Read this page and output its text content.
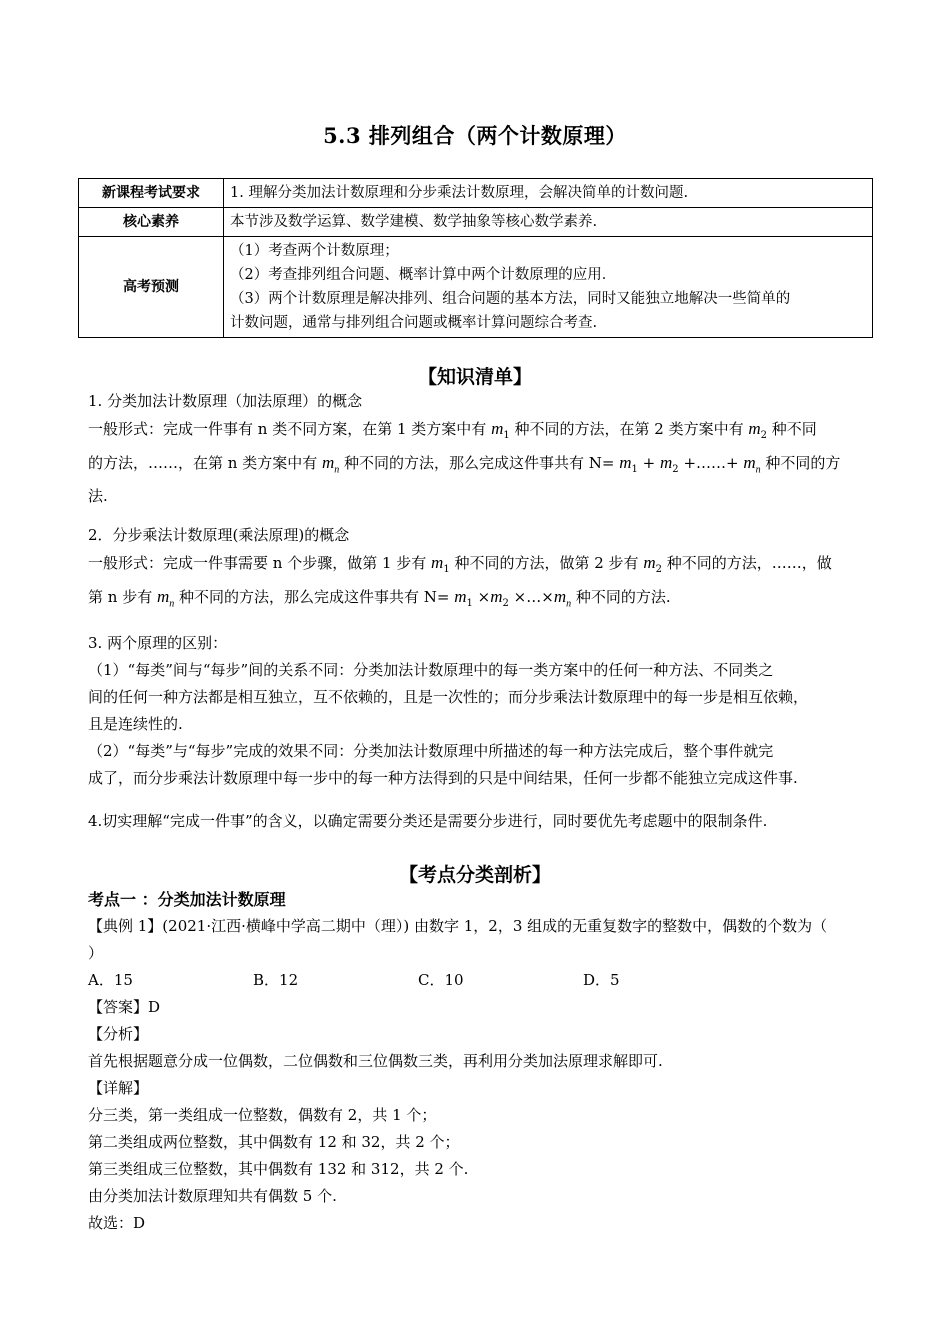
5.3 排列组合（两个计数原理）
新课程考试要求	1. 理解分类加法计数原理和分步乘法计数原理，会解决简单的计数问题.
核心素养	本节涉及数学运算、数学建模、数学抽象等核心数学素养.
高考预测	（1）考查两个计数原理；
（2）考查排列组合问题、概率计算中两个计数原理的应用．
（3）两个计数原理是解决排列、组合问题的基本方法，同时又能独立地解决一些简单的
计数问题，通常与排列组合问题或概率计算问题综合考查.
【知识清单】

1. 分类加法计数原理（加法原理）的概念

一般形式：完成一件事有 n 类不同方案，在第 1 类方案中有 $m_1$ 种不同的方法，在第 2 类方案中有 $m_2$ 种不同

的方法，……，在第 n 类方案中有 $m_n$ 种不同的方法，那么完成这件事共有 $N= m_1 + m_2$ +……+ $m_n$ 种不同的方

法.

2．分步乘法计数原理(乘法原理)的概念

一般形式：完成一件事需要 n 个步骤，做第 1 步有 $m_1$ 种不同的方法，做第 2 步有 $m_2$ 种不同的方法，……，做

第 n 步有 $m_n$ 种不同的方法，那么完成这件事共有 $N= m_1 \times m_2$ $\times\dots\times m_n$ 种不同的方法.

3. 两个原理的区别：

（1）“每类”间与“每步”间的关系不同：分类加法计数原理中的每一类方案中的任何一种方法、不同类之

间的任何一种方法都是相互独立，互不依赖的，且是一次性的；而分步乘法计数原理中的每一步是相互依赖，

且是连续性的.

（2）“每类”与“每步”完成的效果不同：分类加法计数原理中所描述的每一种方法完成后，整个事件就完

成了，而分步乘法计数原理中每一步中的每一种方法得到的只是中间结果，任何一步都不能独立完成这件事.

4.切实理解“完成一件事”的含义，以确定需要分类还是需要分步进行，同时要优先考虑题中的限制条件.

【考点分类剖析】

考点一 ：分类加法计数原理

【典例 1】(2021·江西·横峰中学高二期中（理）) 由数字 1，2，3 组成的无重复数字的整数中，偶数的个数为（

）

A．15	B．12	C．10	D．5

【答案】D

【分析】

首先根据题意分成一位偶数，二位偶数和三位偶数三类，再利用分类加法原理求解即可.

【详解】

分三类，第一类组成一位整数，偶数有 2，共 1 个；

第二类组成两位整数，其中偶数有 12 和 32，共 2 个；

第三类组成三位整数，其中偶数有 132 和 312，共 2 个.

由分类加法计数原理知共有偶数 5 个.

故选：D
